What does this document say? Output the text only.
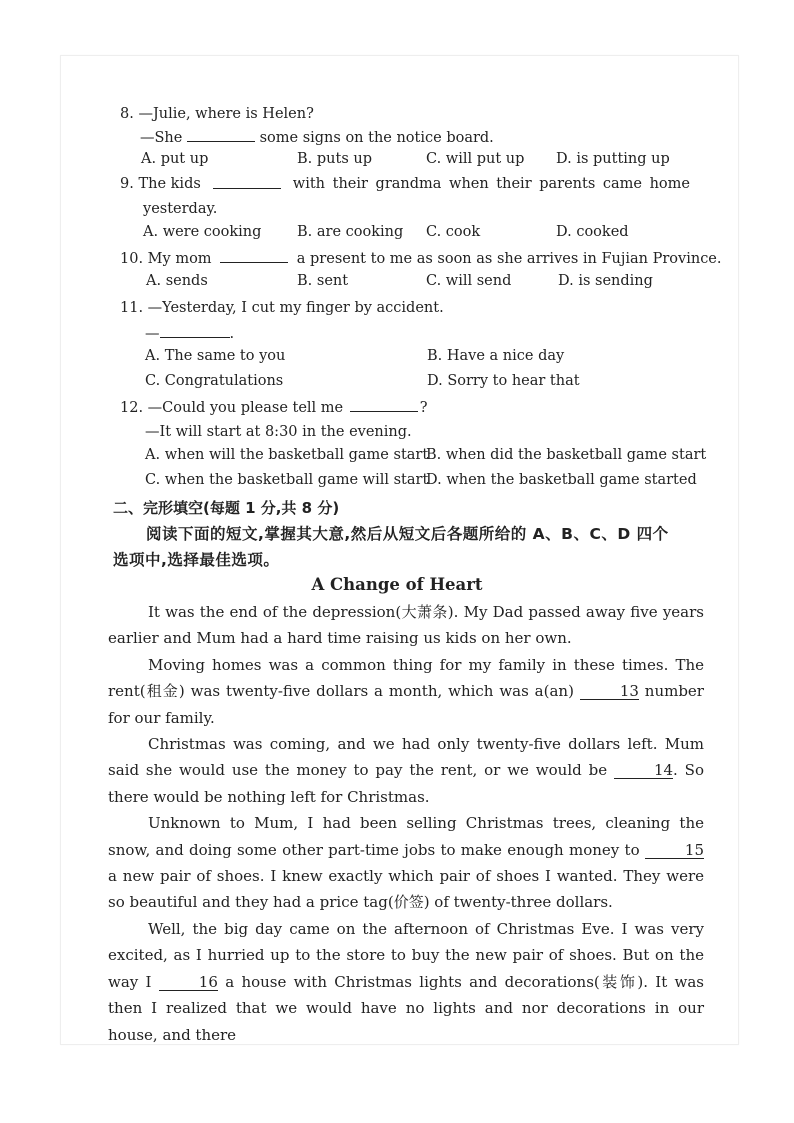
8. —Julie, where is Helen?
—She	some signs on the notice board.
A. put up	B. puts up	C. will put up D. is putting up
9. The kids	with their grandma when their parents came home
yesterday.
A. were cooking B. are cooking C. cook	D. cooked
10. My mom	a present to me as soon as she arrives in Fujian Province.
A. sends	B. sent	C. will send	D. is sending
11. —Yesterday, I cut my finger by accident.
—	.
A. The same to you	B. Have a nice day
C. Congratulations	D. Sorry to hear that
12. —Could you please tell me	?
—It will start at 8:30 in the evening.
A. when will the basketball game start
B. when did the basketball game start
C. when the basketball game will start
D. when the basketball game started
二、完形填空(每题 1 分,共 8 分)
阅读下面的短文,掌握其大意,然后从短文后各题所给的 A、B、C、D 四个
选项中,选择最佳选项。
A Change of Heart

It was the end of the depression(大萧条). My Dad passed away five years earlier and Mum had a hard time raising us kids on her own.

Moving homes was a common thing for my family in these times. The rent(租金) was twenty-five dollars a month, which was a(an)	13 number for our family.

Christmas was coming, and we had only twenty-five dollars left. Mum said she would use the money to pay the rent, or we would be	14. So there would be nothing left for Christmas.

Unknown to Mum, I had been selling Christmas trees, cleaning the snow, and doing some other part-time jobs to make enough money to	15 a new pair of shoes. I knew exactly which pair of shoes I wanted. They were so beautiful and they had a price tag(价签) of twenty-three dollars.

Well, the big day came on the afternoon of Christmas Eve. I was very excited, as I hurried up to the store to buy the new pair of shoes. But on the way I	16 a house with Christmas lights and decorations(装饰). It was then I realized that we would have no lights and nor decorations in our house, and there
